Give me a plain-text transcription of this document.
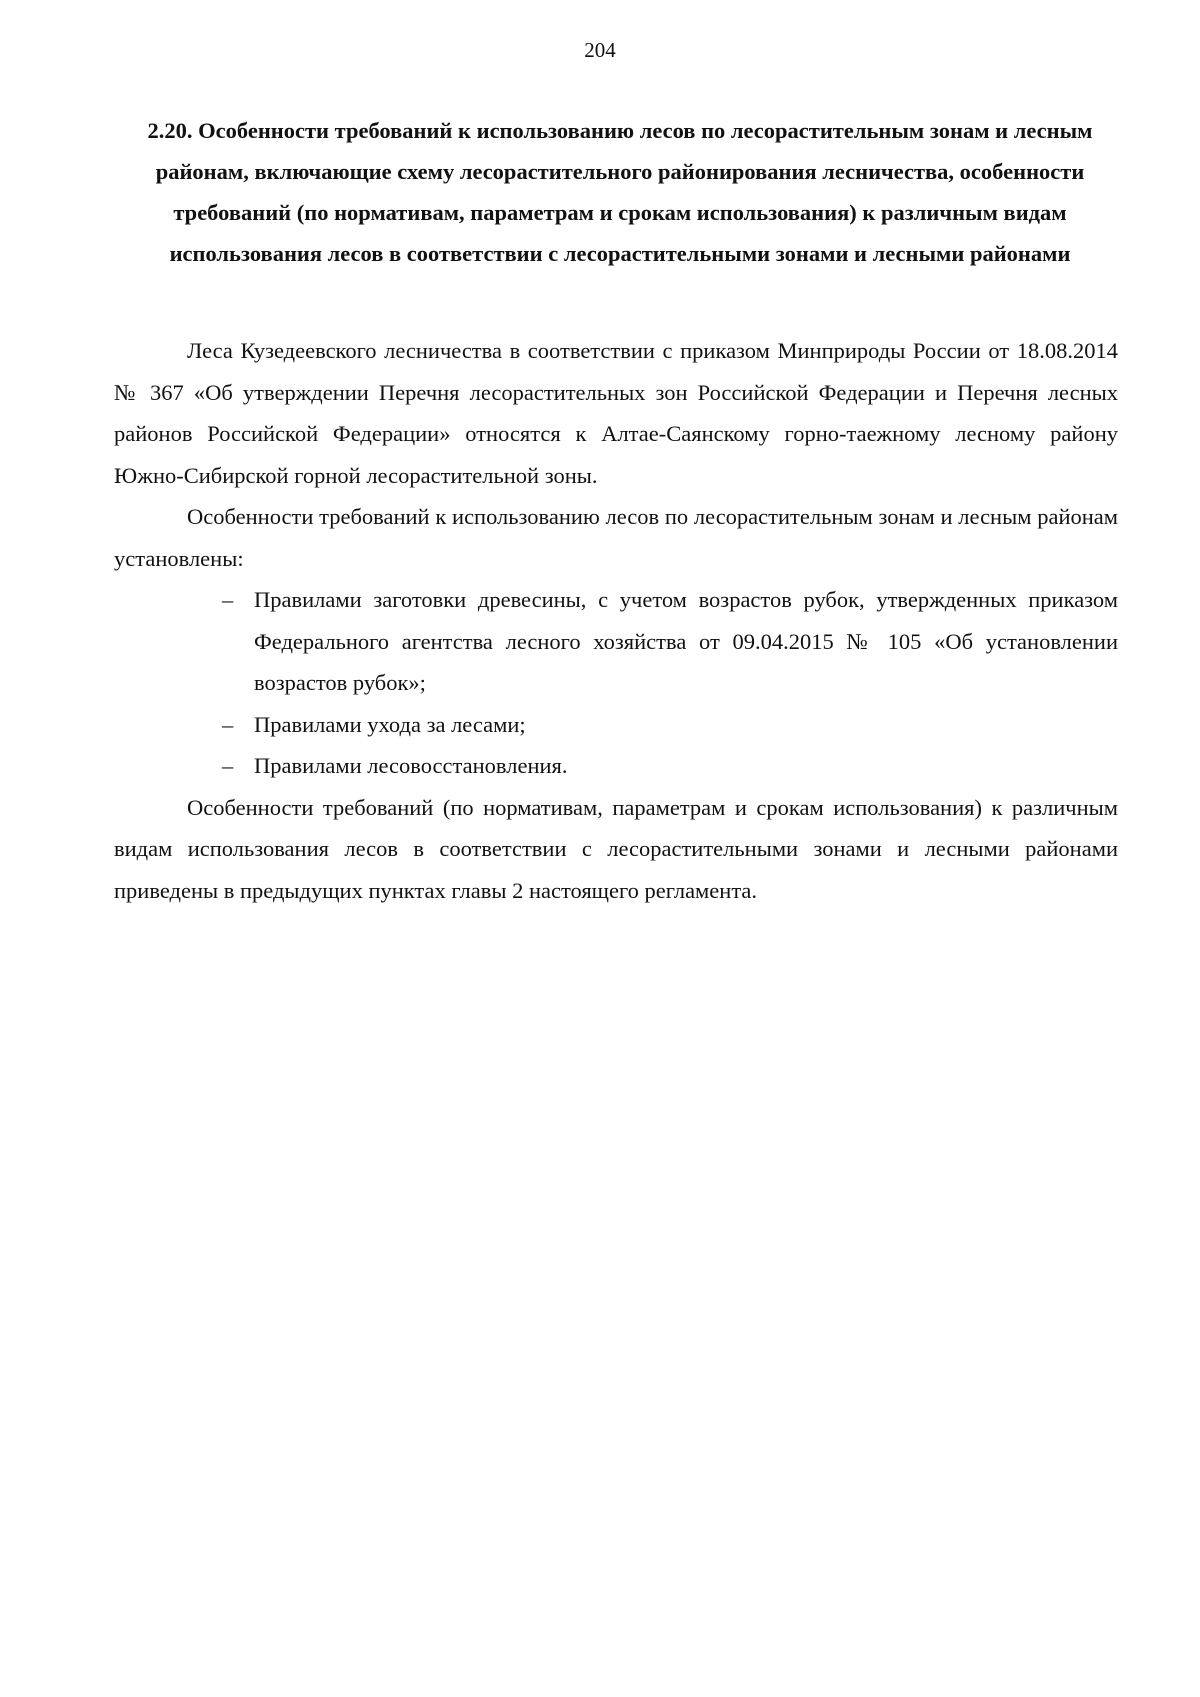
204
2.20. Особенности требований к использованию лесов по лесорастительным зонам и лесным районам, включающие схему лесорастительного районирования лесничества, особенности требований (по нормативам, параметрам и срокам использования) к различным видам использования лесов в соответствии с лесорастительными зонами и лесными районами

Леса Кузедеевского лесничества в соответствии с приказом Минприроды России от 18.08.2014 № 367 «Об утверждении Перечня лесорастительных зон Российской Федерации и Перечня лесных районов Российской Федерации» относятся к Алтае-Саянскому горно-таежному лесному району Южно-Сибирской горной лесорастительной зоны.

Особенности требований к использованию лесов по лесорастительным зонам и лесным районам установлены:

– Правилами заготовки древесины, с учетом возрастов рубок, утвержденных приказом Федерального агентства лесного хозяйства от 09.04.2015 № 105 «Об установлении возрастов рубок»;
– Правилами ухода за лесами;
– Правилами лесовосстановления.

Особенности требований (по нормативам, параметрам и срокам использования) к различным видам использования лесов в соответствии с лесорастительными зонами и лесными районами приведены в предыдущих пунктах главы 2 настоящего регламента.
